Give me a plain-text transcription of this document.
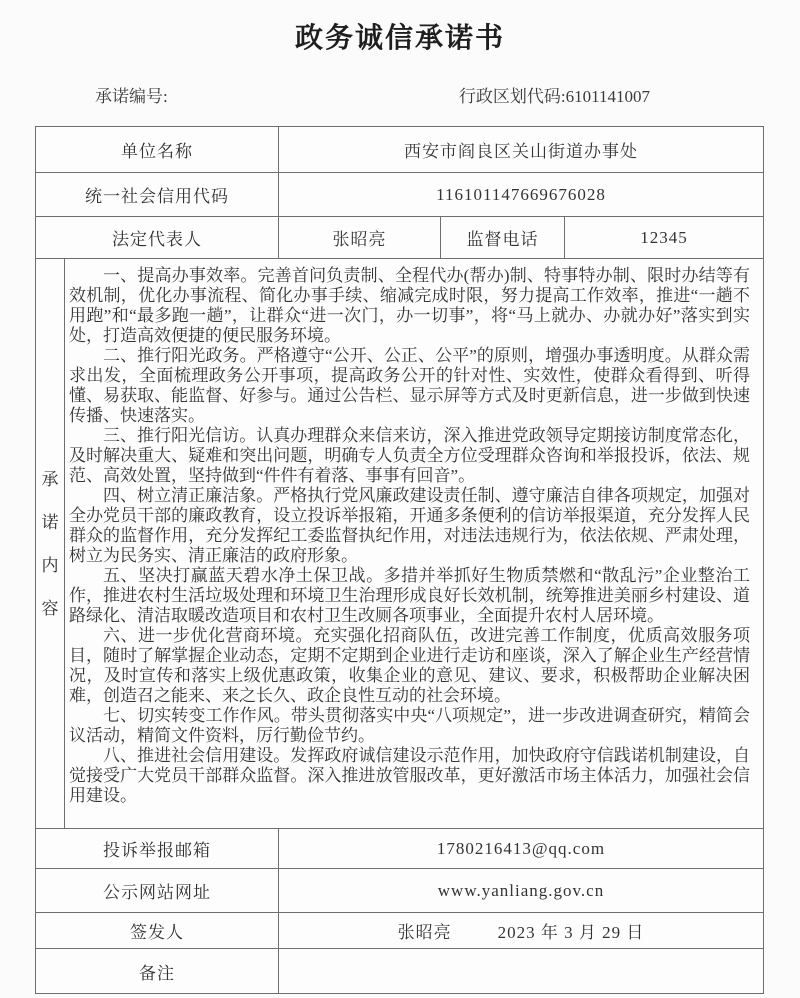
政务诚信承诺书
承诺编号:	行政区划代码:6101141007
单位名称	西安市阎良区关山街道办事处
统一社会信用代码	116101147669676028
法定代表人	张昭亮	监督电话	12345
承
诺
内
容

一、提高办事效率。完善首问负责制、全程代办(帮办)制、特事特办制、限时办结等有效机制，优化办事流程、简化办事手续、缩减完成时限，努力提高工作效率，推进“一趟不用跑”和“最多跑一趟”，让群众“进一次门，办一切事”，将“马上就办、办就办好”落实到实处，打造高效便捷的便民服务环境。

二、推行阳光政务。严格遵守“公开、公正、公平”的原则，增强办事透明度。从群众需求出发，全面梳理政务公开事项，提高政务公开的针对性、实效性，使群众看得到、听得懂、易获取、能监督、好参与。通过公告栏、显示屏等方式及时更新信息，进一步做到快速传播、快速落实。

三、推行阳光信访。认真办理群众来信来访，深入推进党政领导定期接访制度常态化，及时解决重大、疑难和突出问题，明确专人负责全方位受理群众咨询和举报投诉，依法、规范、高效处置，坚持做到“件件有着落、事事有回音”。

四、树立清正廉洁象。严格执行党风廉政建设责任制、遵守廉洁自律各项规定，加强对全办党员干部的廉政教育，设立投诉举报箱，开通多条便利的信访举报渠道，充分发挥人民群众的监督作用，充分发挥纪工委监督执纪作用，对违法违规行为，依法依规、严肃处理，树立为民务实、清正廉洁的政府形象。

五、坚决打赢蓝天碧水净土保卫战。多措并举抓好生物质禁燃和“散乱污”企业整治工作，推进农村生活垃圾处理和环境卫生治理形成良好长效机制，统筹推进美丽乡村建设、道路绿化、清洁取暖改造项目和农村卫生改厕各项事业，全面提升农村人居环境。

六、进一步优化营商环境。充实强化招商队伍，改进完善工作制度，优质高效服务项目，随时了解掌握企业动态，定期不定期到企业进行走访和座谈，深入了解企业生产经营情况，及时宣传和落实上级优惠政策，收集企业的意见、建议、要求，积极帮助企业解决困难，创造召之能来、来之长久、政企良性互动的社会环境。

七、切实转变工作作风。带头贯彻落实中央“八项规定”，进一步改进调查研究，精简会议活动，精简文件资料，厉行勤俭节约。

八、推进社会信用建设。发挥政府诚信建设示范作用，加快政府守信践诺机制建设，自觉接受广大党员干部群众监督。深入推进放管服改革，更好激活市场主体活力，加强社会信用建设。

投诉举报邮箱	1780216413@qq.com
公示网站网址	www.yanliang.gov.cn
签发人	张昭亮	2023 年 3 月 29 日
备注
